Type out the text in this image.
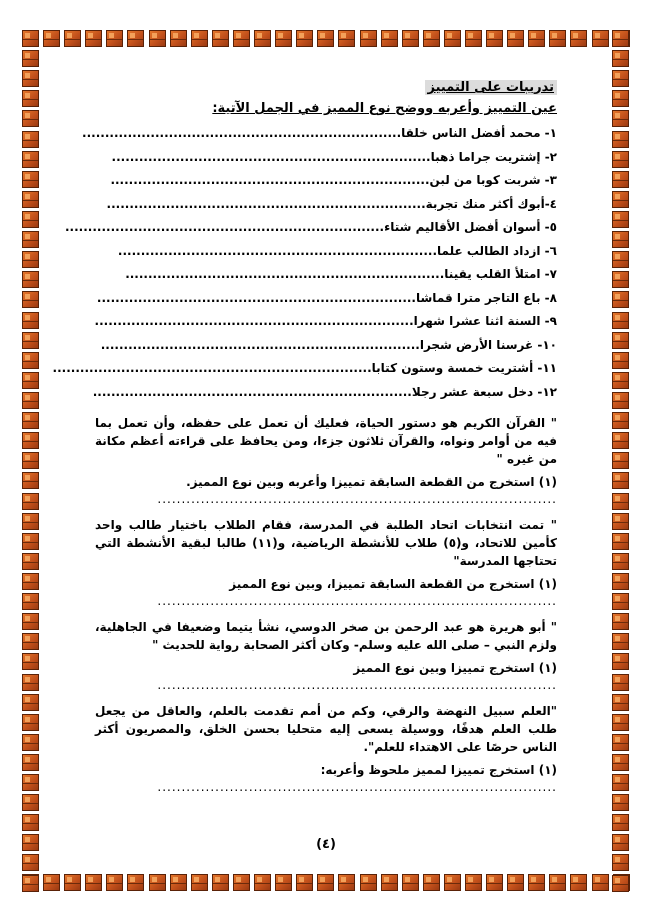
تدريبات على التمييز
عين التمييز وأعربه ووضح نوع المميز في الجمل الآتية:
١- محمد أفضل الناس خلقا......................................................................
٢- إشتريت جراما ذهبا......................................................................
٣- شربت كوبا من لبن......................................................................
٤-أبوك أكثر منك تجربة......................................................................
٥- أسوان أفضل الأقاليم شتاء......................................................................
٦- ازداد الطالب علما......................................................................
٧- امتلأ القلب يقينا......................................................................
٨- باع التاجر مترا قماشا......................................................................
٩- السنة اثنا عشرا شهرا......................................................................
١٠- غرسنا الأرض شجرا......................................................................
١١- أشتريت خمسة وستون كتابا......................................................................
١٢- دخل سبعة عشر رجلا......................................................................
" القرآن الكريم هو دستور الحياة، فعليك أن تعمل على حفظه، وأن تعمل بما فيه من أوامر ونواه، والقرآن ثلاثون جزءا، ومن يحافظ على قراءته أعظم مكانة من غيره "
(١) استخرج من القطعة السابقة تمييزا وأعربه وبين نوع المميز.
...................................................................................
" تمت انتخابات اتحاد الطلبة في المدرسة، فقام الطلاب باختيار طالب واحد كأمين للاتحاد، و(٥) طلاب للأنشطة الرياضية، و(١١) طالبا لبقية الأنشطة التي تحتاجها المدرسة"
(١) استخرج من القطعة السابقة تمييزا، وبين نوع المميز
...................................................................................
" أبو هريرة هو عبد الرحمن بن صخر الدوسي، نشأ يتيما وضعيفا في الجاهلية، ولزم النبي – صلى الله عليه وسلم- وكان أكثر الصحابة رواية للحديث "
(١) استخرج تمييزا وبين نوع المميز
...................................................................................
"العلم سبيل النهضة والرقي، وكم من أمم تقدمت بالعلم، والعاقل من يجعل طلب العلم هدفًا، ووسيلة يسعى إليه متحليا بحسن الخلق، والمصريون أكثر الناس حرصًا على الاهتداء للعلم".
(١) استخرج تمييزا لمميز ملحوظ وأعربه:
...................................................................................
(٤)
